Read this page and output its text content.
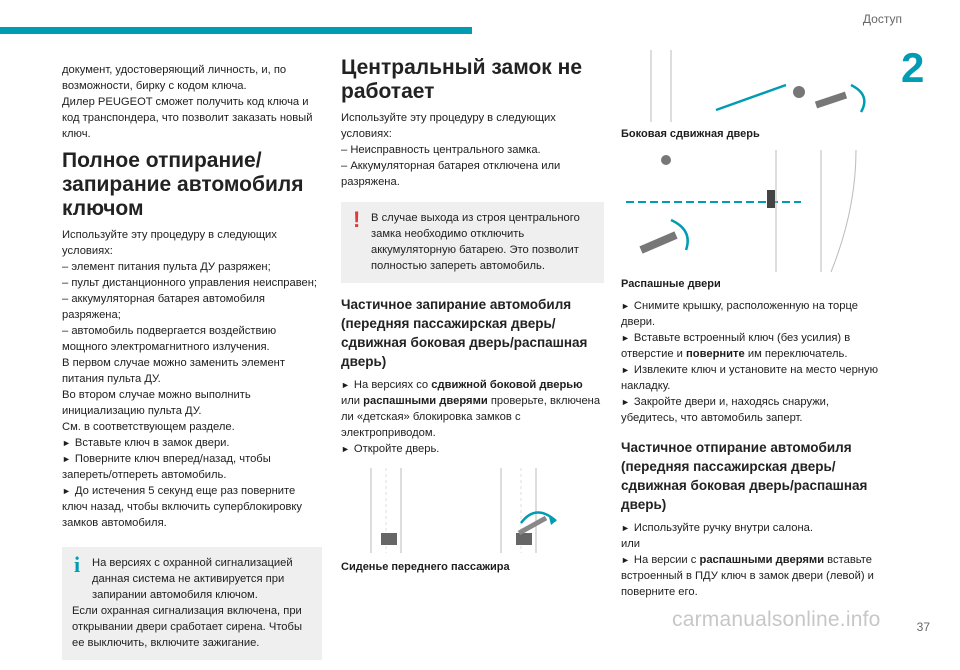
Доступ
2

документ, удостоверяющий личность, и, по возможности, бирку с кодом ключа.

Дилер PEUGEOT сможет получить код ключа и код транспондера, что позволит заказать новый ключ.

Полное отпирание/запирание автомобиля ключом

Используйте эту процедуру в следующих условиях:

– элемент питания пульта ДУ разряжен;

– пульт дистанционного управления неисправен;

– аккумуляторная батарея автомобиля разряжена;

– автомобиль подвергается воздействию мощного электромагнитного излучения.

В первом случае можно заменить элемент питания пульта ДУ.

Во втором случае можно выполнить инициализацию пульта ДУ.

См. в соответствующем разделе.

► Вставьте ключ в замок двери.

► Поверните ключ вперед/назад, чтобы запереть/отпереть автомобиль.

► До истечения 5 секунд еще раз поверните ключ назад, чтобы включить суперблокировку замков автомобиля.

i	На версиях с охранной сигнализацией данная система не активируется при запирании автомобиля ключом.

Если охранная сигнализация включена, при открывании двери сработает сирена. Чтобы ее выключить, включите зажигание.

Центральный замок не работает

Используйте эту процедуру в следующих условиях:

– Неисправность центрального замка.

– Аккумуляторная батарея отключена или разряжена.

! В случае выхода из строя центрального замка необходимо отключить аккумуляторную батарею. Это позволит полностью запереть автомобиль.

Частичное запирание автомобиля (передняя пассажирская дверь/сдвижная боковая дверь/распашная дверь)

► На версиях со сдвижной боковой дверью или распашными дверями проверьте, включена ли «детская» блокировка замков с электроприводом.

► Откройте дверь.

Сиденье переднего пассажира

Боковая сдвижная дверь

Распашные двери

► Снимите крышку, расположенную на торце двери.

► Вставьте встроенный ключ (без усилия) в отверстие и поверните им переключатель.

► Извлеките ключ и установите на место черную накладку.

► Закройте двери и, находясь снаружи, убедитесь, что автомобиль заперт.

Частичное отпирание автомобиля (передняя пассажирская дверь/сдвижная боковая дверь/распашная дверь)

► Используйте ручку внутри салона.

или

► На версии с распашными дверями вставьте встроенный в ПДУ ключ в замок двери (левой) и поверните его.

37
carmanualsonline.info
